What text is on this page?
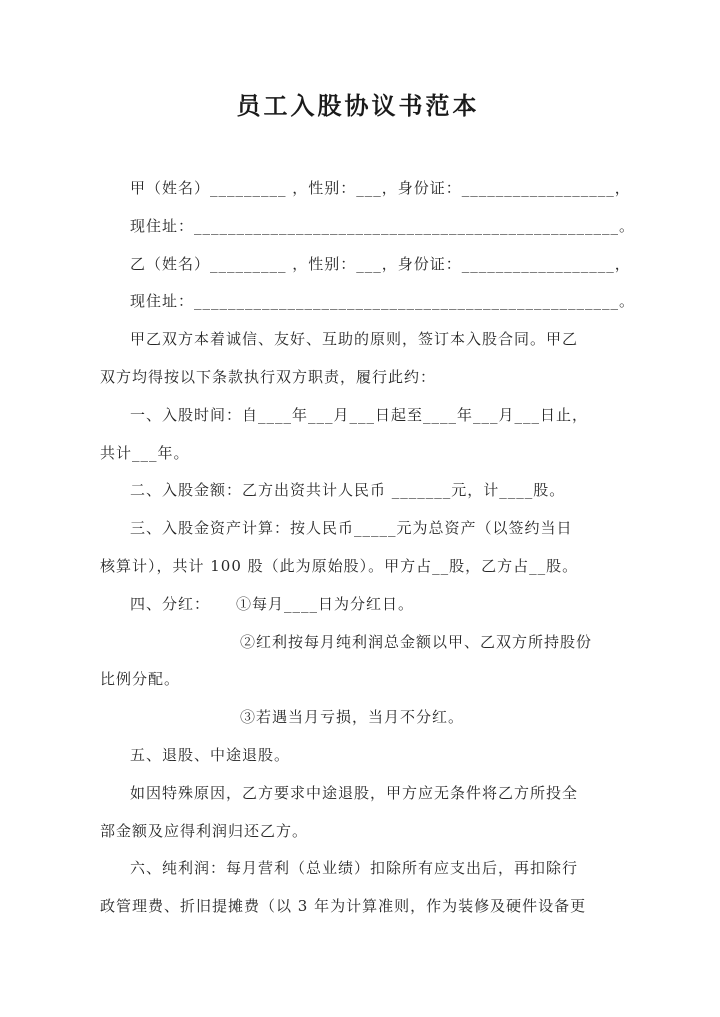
员工入股协议书范本
甲（姓名）_________ ，性别：___，身份证：__________________，
现住址：__________________________________________________。
乙（姓名）_________ ，性别：___，身份证：__________________，
现住址：__________________________________________________。
甲乙双方本着诚信、友好、互助的原则，签订本入股合同。甲乙
双方均得按以下条款执行双方职责，履行此约：
一、入股时间：自____年___月___日起至____年___月___日止，
共计___年。
二、入股金额：乙方出资共计人民币 _______元，计____股。
三、入股金资产计算：按人民币_____元为总资产（以签约当日
核算计），共计 100 股（此为原始股）。甲方占__股，乙方占__股。
四、分红： ①每月____日为分红日。
②红利按每月纯利润总金额以甲、乙双方所持股份
比例分配。
③若遇当月亏损，当月不分红。
五、退股、中途退股。
如因特殊原因，乙方要求中途退股，甲方应无条件将乙方所投全
部金额及应得利润归还乙方。
六、纯利润：每月营利（总业绩）扣除所有应支出后，再扣除行
政管理费、折旧提摊费（以 3 年为计算准则，作为装修及硬件设备更
